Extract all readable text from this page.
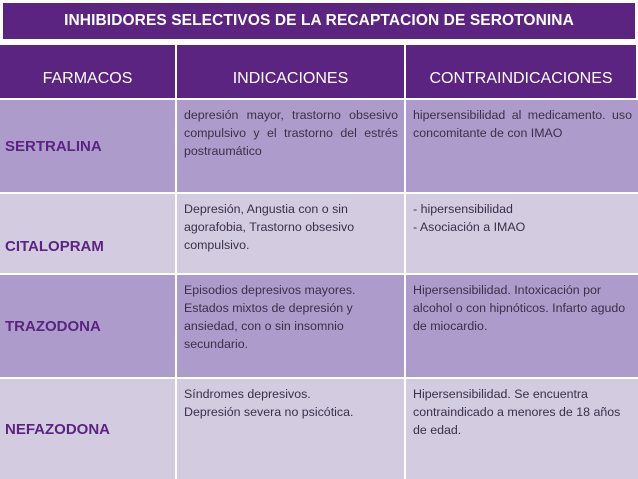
INHIBIDORES SELECTIVOS DE LA RECAPTACION DE SEROTONINA
FARMACOS	INDICACIONES	CONTRAINDICACIONES
SERTRALINA
depresión mayor, trastorno obsesivo compulsivo y el trastorno del estrés postraumático
hipersensibilidad al medicamento. uso concomitante de con IMAO
CITALOPRAM
Depresión, Angustia con o sin agorafobia, Trastorno obsesivo compulsivo.
- hipersensibilidad
- Asociación a IMAO
TRAZODONA
Episodios depresivos mayores. Estados mixtos de depresión y ansiedad, con o sin insomnio secundario.
Hipersensibilidad. Intoxicación por alcohol o con hipnóticos. Infarto agudo de miocardio.
NEFAZODONA
Síndromes depresivos.
Depresión severa no psicótica.
Hipersensibilidad. Se encuentra contraindicado a menores de 18 años de edad.
